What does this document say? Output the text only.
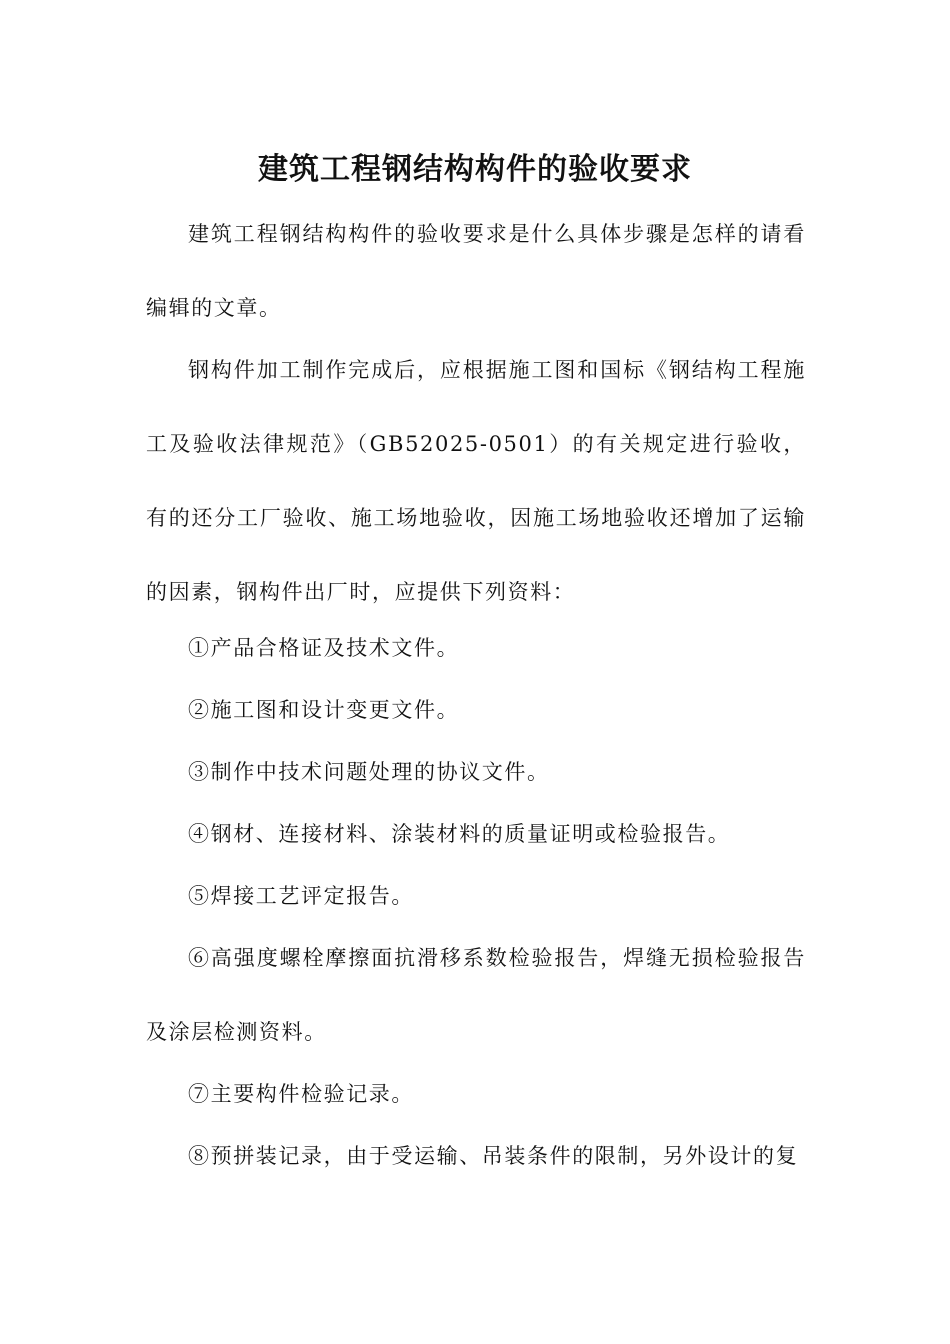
建筑工程钢结构构件的验收要求

建筑工程钢结构构件的验收要求是什么具体步骤是怎样的请看编辑的文章。

钢构件加工制作完成后，应根据施工图和国标《钢结构工程施工及验收法律规范》（GB52025-0501）的有关规定进行验收，有的还分工厂验收、施工场地验收，因施工场地验收还增加了运输的因素，钢构件出厂时，应提供下列资料：

①产品合格证及技术文件。

②施工图和设计变更文件。

③制作中技术问题处理的协议文件。

④钢材、连接材料、涂装材料的质量证明或检验报告。

⑤焊接工艺评定报告。

⑥高强度螺栓摩擦面抗滑移系数检验报告，焊缝无损检验报告及涂层检测资料。

⑦主要构件检验记录。

⑧预拼装记录，由于受运输、吊装条件的限制，另外设计的复
